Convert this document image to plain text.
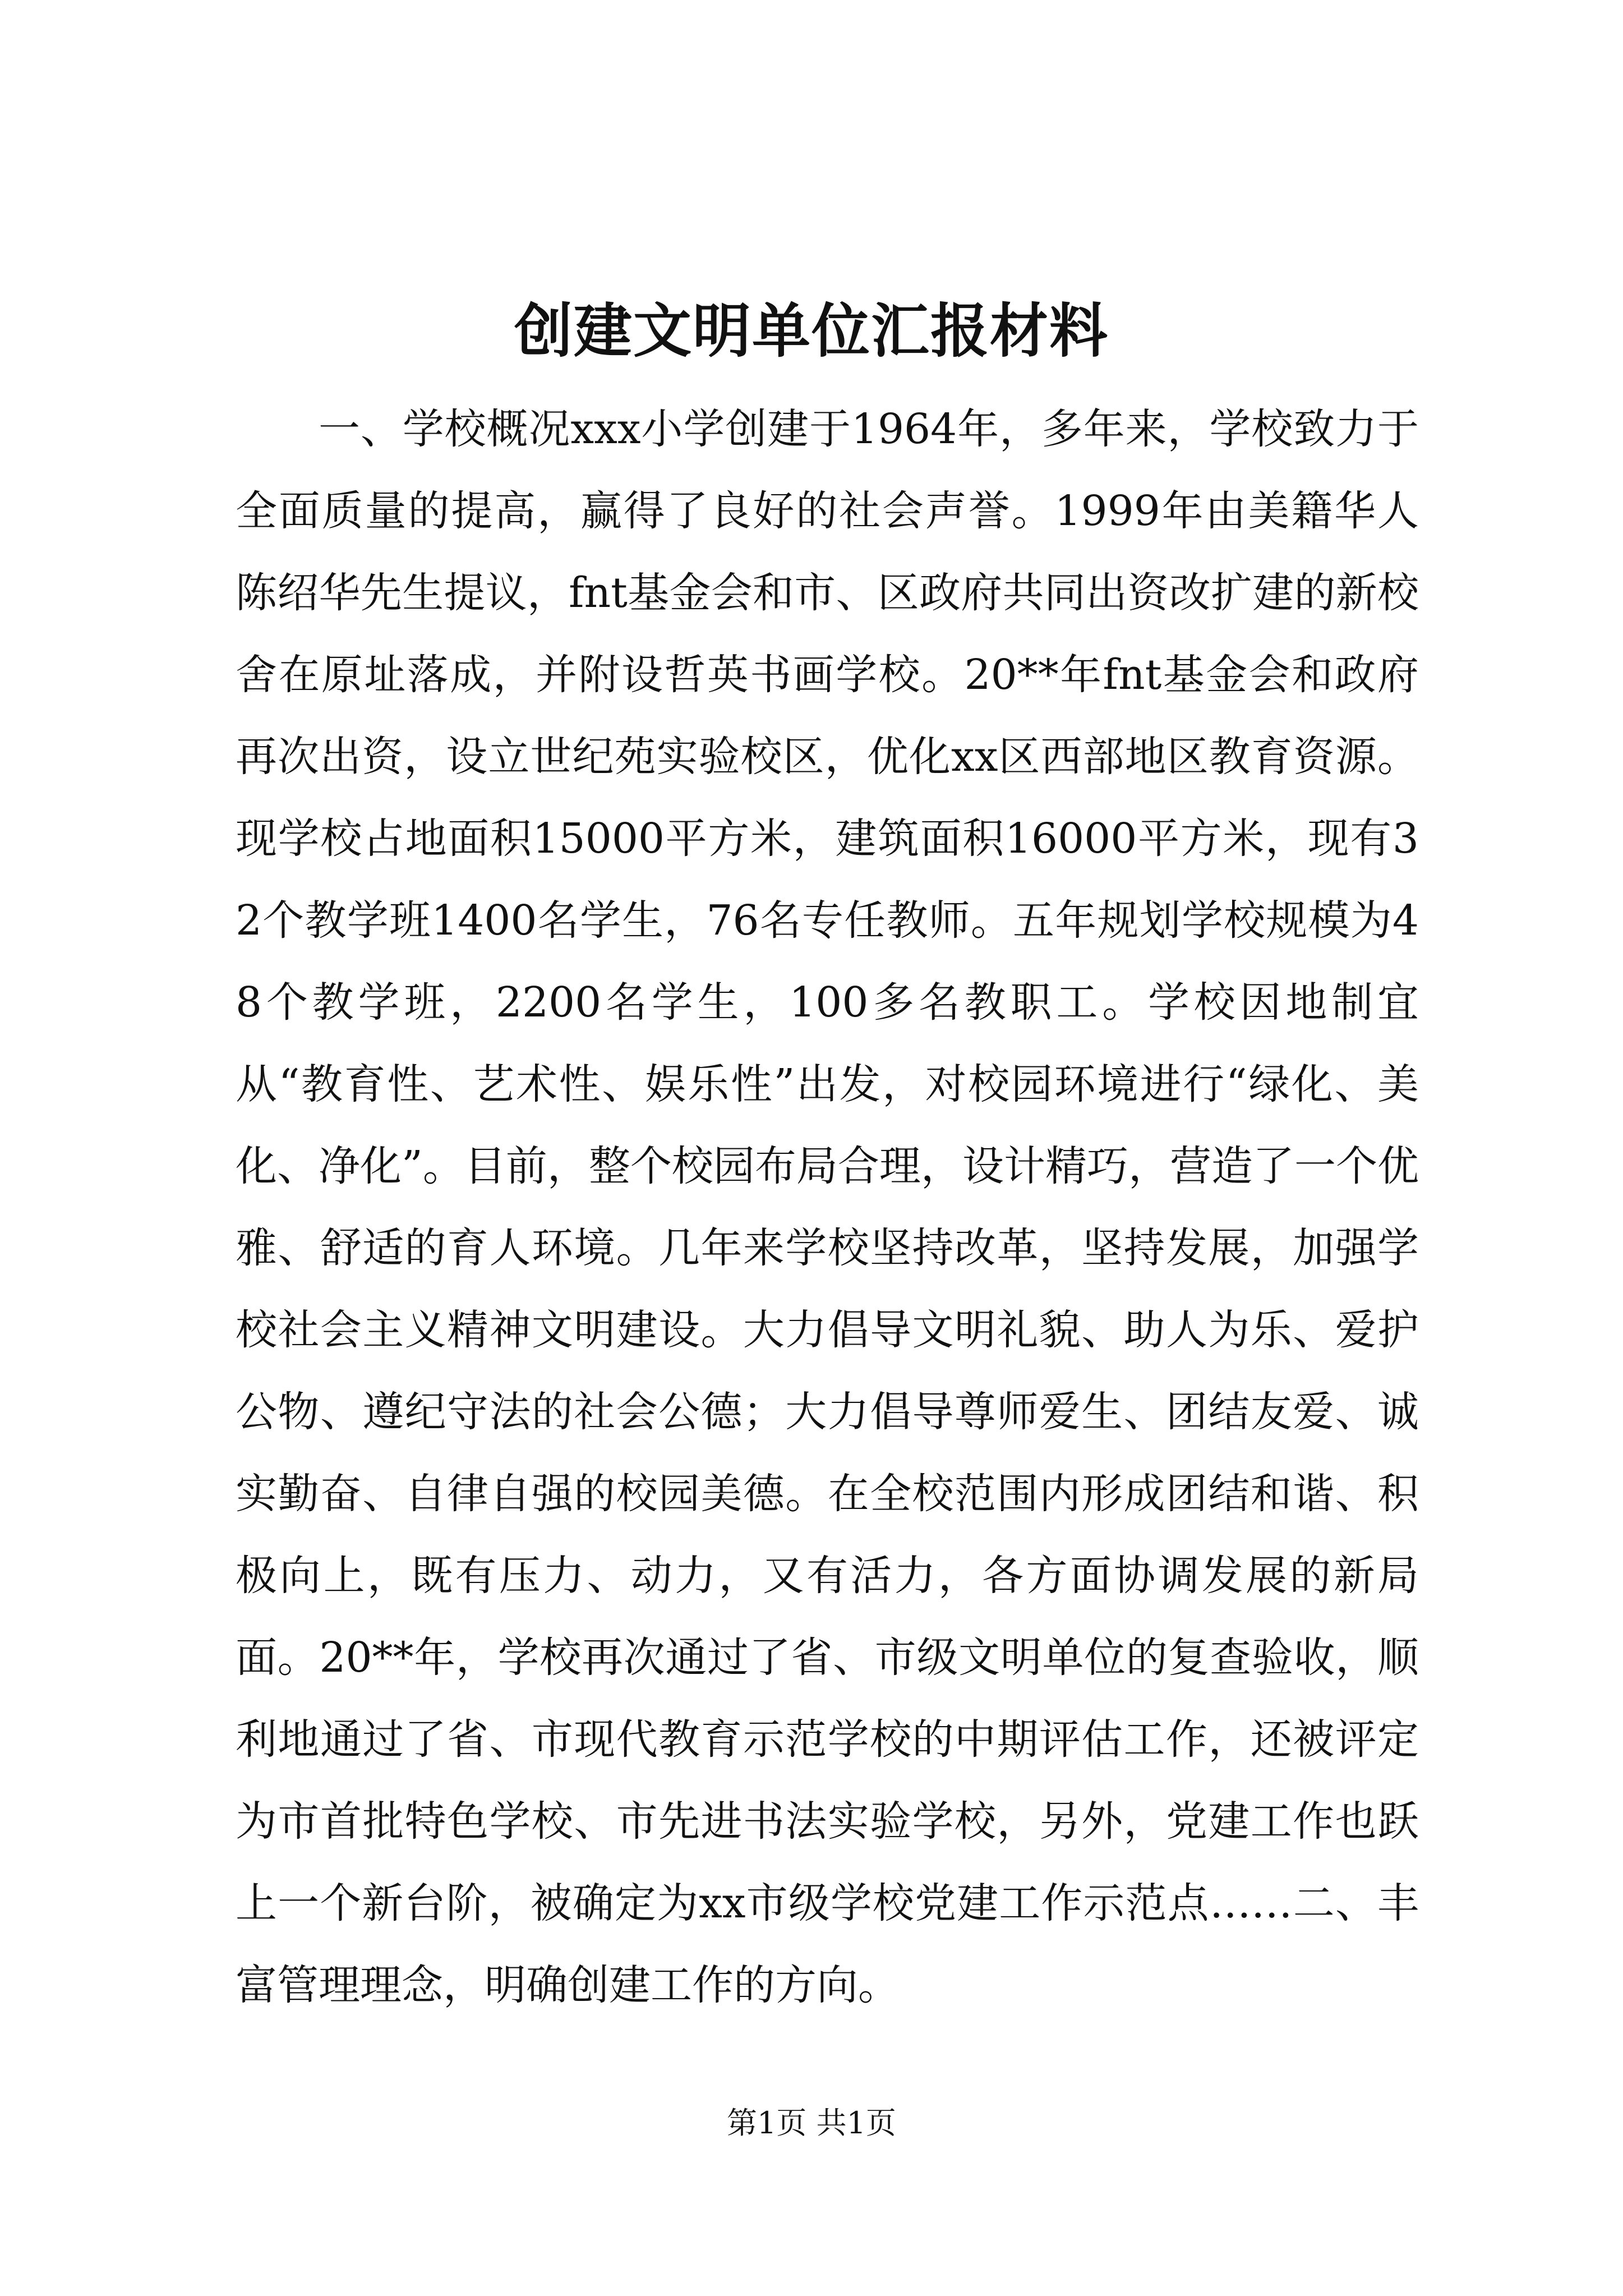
创建文明单位汇报材料

一、学校概况xxx小学创建于1964年，多年来，学校致力于全面质量的提高，赢得了良好的社会声誉。1999年由美籍华人陈绍华先生提议，fnt基金会和市、区政府共同出资改扩建的新校舍在原址落成，并附设哲英书画学校。20**年fnt基金会和政府再次出资，设立世纪苑实验校区，优化xx区西部地区教育资源。现学校占地面积15000平方米，建筑面积16000平方米，现有32个教学班1400名学生，76名专任教师。五年规划学校规模为48个教学班，2200名学生，100多名教职工。学校因地制宜从“教育性、艺术性、娱乐性”出发，对校园环境进行“绿化、美化、净化”。目前，整个校园布局合理，设计精巧，营造了一个优雅、舒适的育人环境。几年来学校坚持改革，坚持发展，加强学校社会主义精神文明建设。大力倡导文明礼貌、助人为乐、爱护公物、遵纪守法的社会公德；大力倡导尊师爱生、团结友爱、诚实勤奋、自律自强的校园美德。在全校范围内形成团结和谐、积极向上，既有压力、动力，又有活力，各方面协调发展的新局面。20**年，学校再次通过了省、市级文明单位的复查验收，顺利地通过了省、市现代教育示范学校的中期评估工作，还被评定为市首批特色学校、市先进书法实验学校，另外，党建工作也跃上一个新台阶，被确定为xx市级学校党建工作示范点……二、丰富管理理念，明确创建工作的方向。

第1页 共1页
